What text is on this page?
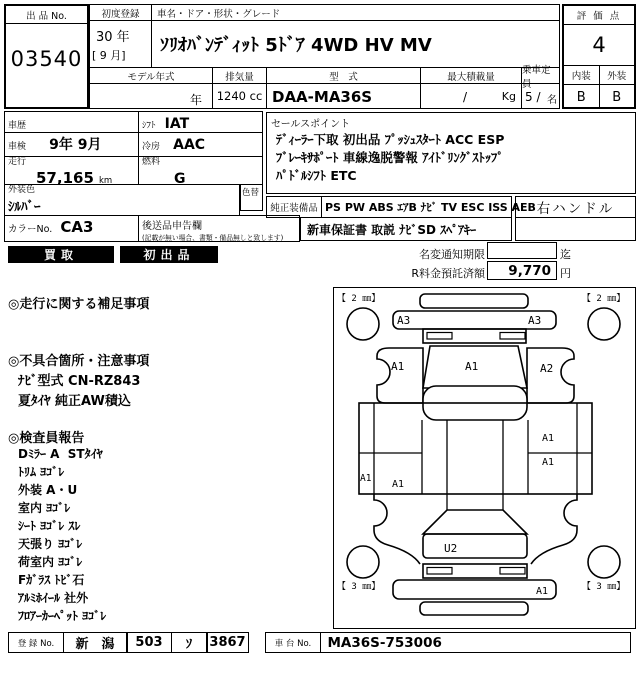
出 品 No.
03540
初度登録	車名・ドア・形状・グレード
30 年
[ 9 月]	ｿﾘｵﾊﾞﾝﾃﾞｨｯﾄ 5ﾄﾞｱ 4WD HV MV
モデル年式	排気量	型　式	最大積載量
乗車定員
年	1240 cc DAA-MA36S	/	Kg 5 / 名
評 価 点
4
内装	外装
B	B
車歴	ｼﾌﾄ IAT
車検 9年 9月	冷房 AAC
走行
57,165 km
燃料
G
外装色
ｼﾙﾊﾞｰ
色替
カラーNo. CA3	後送品申告欄
(記載が無い場合、書類・備品無しと致します)
セールスポイント
ﾃﾞｨｰﾗｰ下取 初出品 ﾌﾟｯｼｭｽﾀｰﾄ ACC ESP
ﾌﾞﾚｰｷｻﾎﾟｰﾄ 車線逸脱警報 ｱｲﾄﾞﾘﾝｸﾞｽﾄｯﾌﾟ
ﾊﾟﾄﾞﾙｼﾌﾄ ETC
純正装備品 PS PW ABS ｴｱB ﾅﾋﾞ TV ESC ISS AEB 右ハンドル
新車保証書 取説 ﾅﾋﾞSD ｽﾍﾟｱｷｰ
買取	初出品	名変通知期限	迄
R料金預託済額	9,770 円
◎走行に関する補足事項
◎不具合箇所・注意事項
ﾅﾋﾞ型式 CN-RZ843
夏ﾀｲﾔ 純正AW積込
◎検査員報告
Dﾐﾗｰ A  STﾀｲﾔ
ﾄﾘﾑ ﾖｺﾞﾚ
外装 A・U
室内 ﾖｺﾞﾚ
ｼｰﾄ ﾖｺﾞﾚ ｽﾚ
天張り ﾖｺﾞﾚ
荷室内 ﾖｺﾞﾚ
Fｶﾞﾗｽ ﾄﾋﾞ石
ｱﾙﾐﾎｲｰﾙ 社外
ﾌﾛｱｰｶｰﾍﾟｯﾄ ﾖｺﾞﾚ
【 2 ㎜】	【 2 ㎜】
【 3 ㎜】	【 3 ㎜】
A3	A3
A1	A1	A2
A1
A1
A1
A1
U2
A1
登 録 No.	新　潟	503	ｿ	3867	車 台 No.	MA36S-753006
